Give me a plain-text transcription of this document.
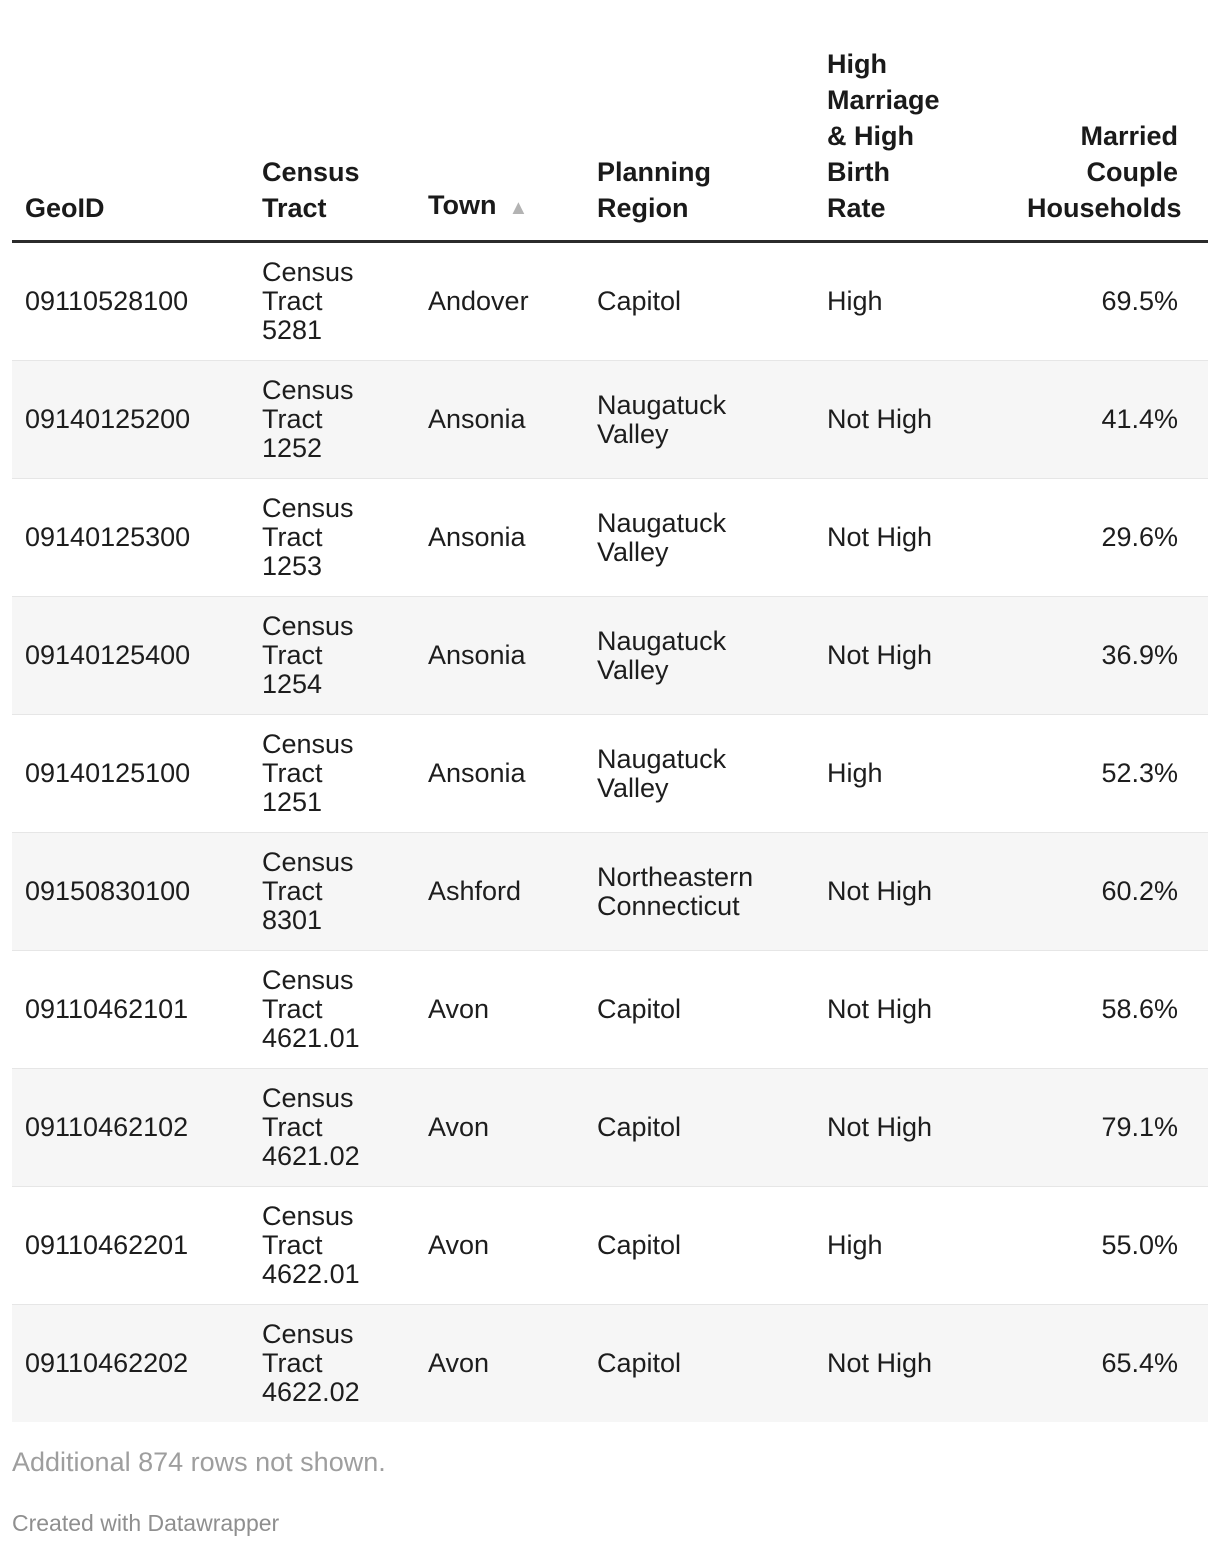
GeoID	Census Tract	Town ▲	Planning Region	High Marriage & High Birth Rate	Married Couple Households

09110528100	Census Tract 5281	Andover	Capitol	High	69.5%
09140125200	Census Tract 1252	Ansonia	Naugatuck Valley	Not High	41.4%
09140125300	Census Tract 1253	Ansonia	Naugatuck Valley	Not High	29.6%
09140125400	Census Tract 1254	Ansonia	Naugatuck Valley	Not High	36.9%
09140125100	Census Tract 1251	Ansonia	Naugatuck Valley	High	52.3%
09150830100	Census Tract 8301	Ashford	Northeastern Connecticut	Not High	60.2%
09110462101	Census Tract 4621.01	Avon	Capitol	Not High	58.6%
09110462102	Census Tract 4621.02	Avon	Capitol	Not High	79.1%
09110462201	Census Tract 4622.01	Avon	Capitol	High	55.0%
09110462202	Census Tract 4622.02	Avon	Capitol	Not High	65.4%

Additional 874 rows not shown.

Created with Datawrapper
